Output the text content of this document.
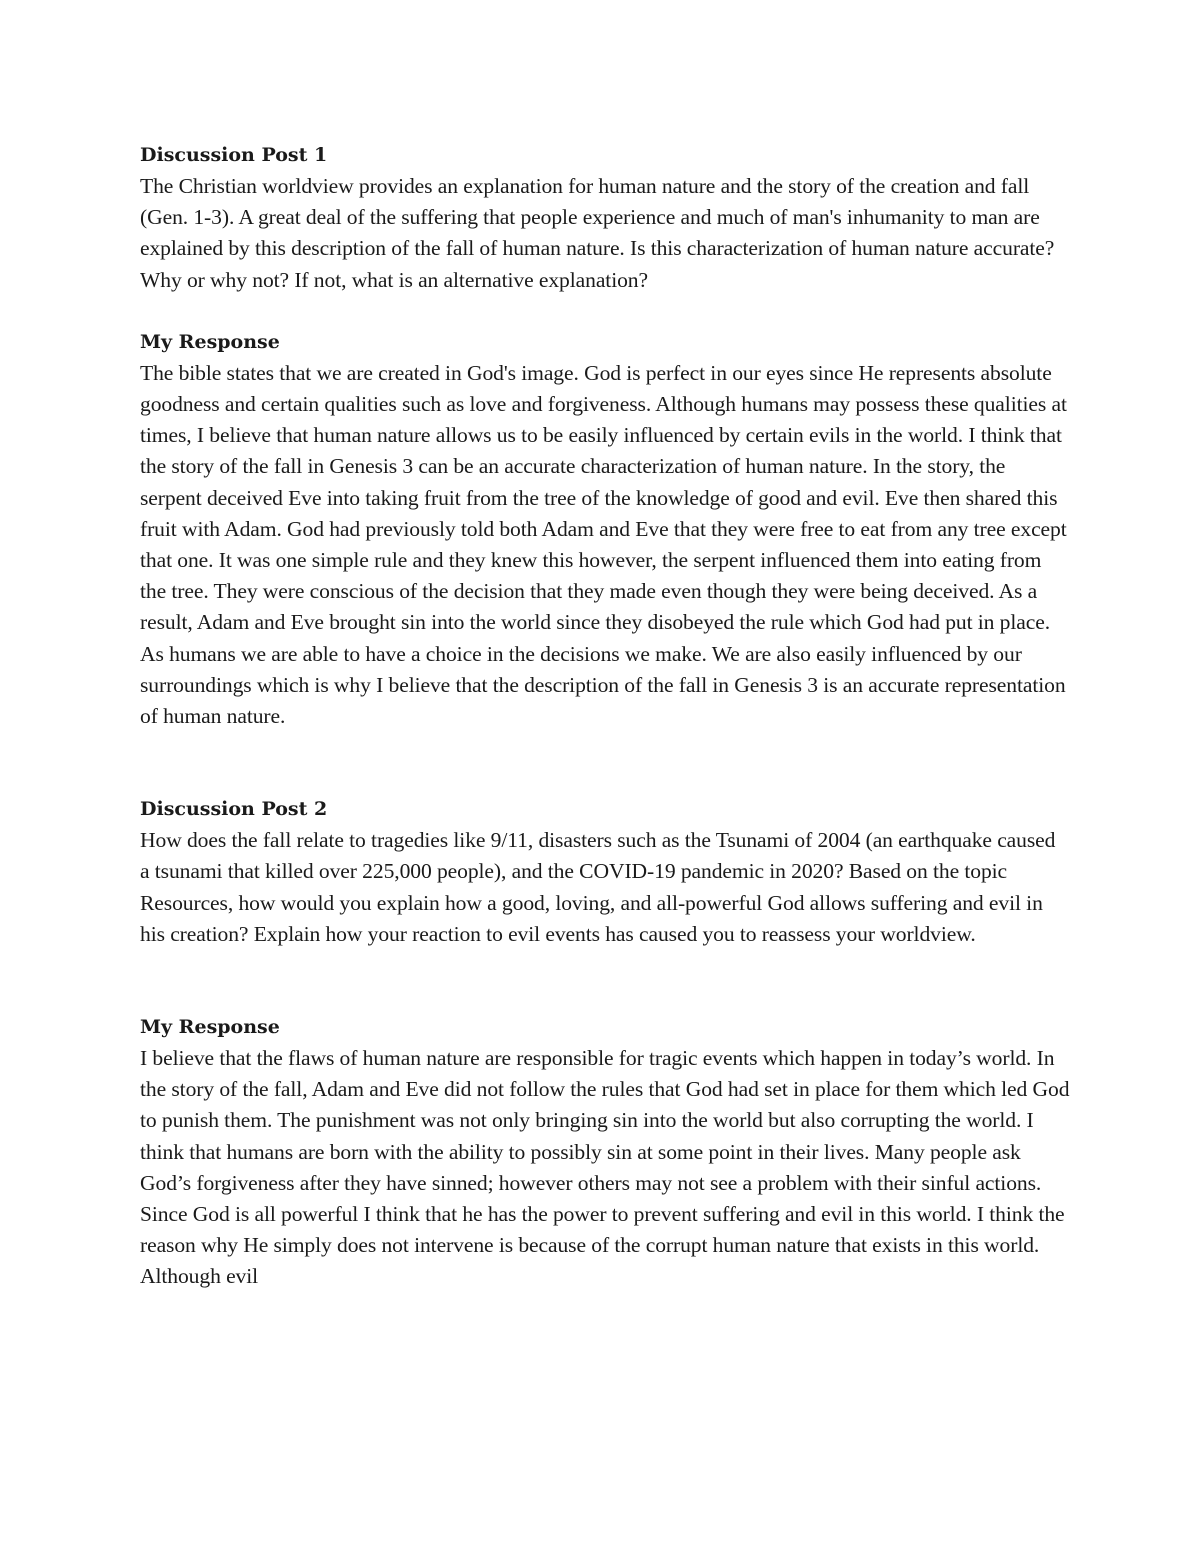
Discussion Post 1

The Christian worldview provides an explanation for human nature and the story of the creation and fall (Gen. 1-3). A great deal of the suffering that people experience and much of man's inhumanity to man are explained by this description of the fall of human nature. Is this characterization of human nature accurate? Why or why not? If not, what is an alternative explanation?

My Response

The bible states that we are created in God's image. God is perfect in our eyes since He represents absolute goodness and certain qualities such as love and forgiveness. Although humans may possess these qualities at times, I believe that human nature allows us to be easily influenced by certain evils in the world. I think that the story of the fall in Genesis 3 can be an accurate characterization of human nature. In the story, the serpent deceived Eve into taking fruit from the tree of the knowledge of good and evil. Eve then shared this fruit with Adam. God had previously told both Adam and Eve that they were free to eat from any tree except that one. It was one simple rule and they knew this however, the serpent influenced them into eating from the tree. They were conscious of the decision that they made even though they were being deceived. As a result, Adam and Eve brought sin into the world since they disobeyed the rule which God had put in place. As humans we are able to have a choice in the decisions we make. We are also easily influenced by our surroundings which is why I believe that the description of the fall in Genesis 3 is an accurate representation of human nature.

Discussion Post 2

How does the fall relate to tragedies like 9/11, disasters such as the Tsunami of 2004 (an earthquake caused a tsunami that killed over 225,000 people), and the COVID-19 pandemic in 2020? Based on the topic Resources, how would you explain how a good, loving, and all-powerful God allows suffering and evil in his creation? Explain how your reaction to evil events has caused you to reassess your worldview.

My Response

I believe that the flaws of human nature are responsible for tragic events which happen in today’s world. In the story of the fall, Adam and Eve did not follow the rules that God had set in place for them which led God to punish them. The punishment was not only bringing sin into the world but also corrupting the world. I think that humans are born with the ability to possibly sin at some point in their lives. Many people ask God’s forgiveness after they have sinned; however others may not see a problem with their sinful actions. Since God is all powerful I think that he has the power to prevent suffering and evil in this world. I think the reason why He simply does not intervene is because of the corrupt human nature that exists in this world. Although evil
